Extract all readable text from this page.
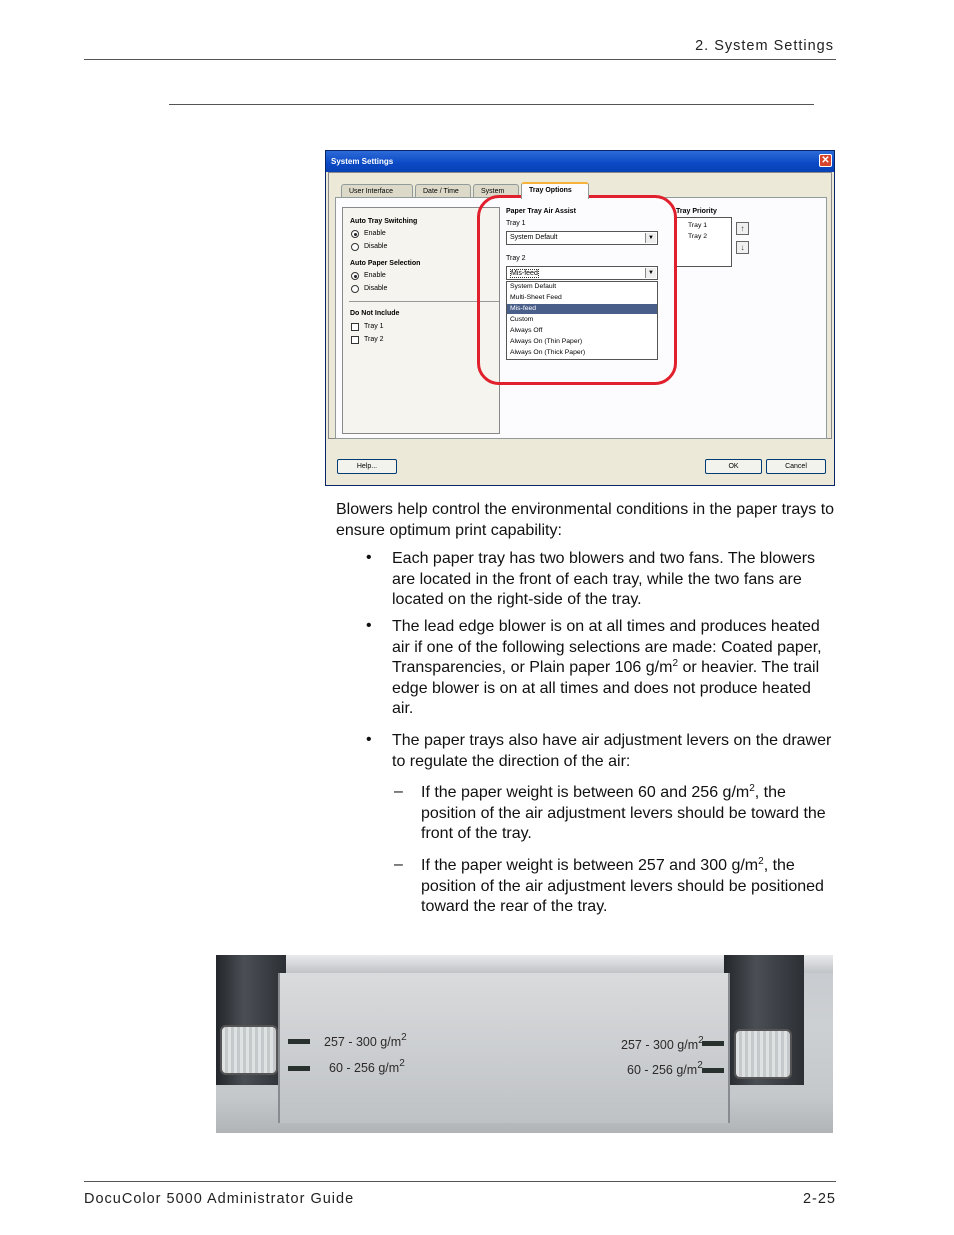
2. System Settings
System Settings	✕
User Interface	Date / Time	System	Tray Options
Auto Tray Switching
Enable
Disable
Auto Paper Selection
Enable
Disable
Do Not Include
Tray 1
Tray 2
Paper Tray Air Assist
Tray 1
System Default	▼
Tray 2
Mis-feed	▼
System Default
Multi-Sheet Feed
Mis-feed
Custom
Always Off
Always On (Thin Paper)
Always On (Thick Paper)
Tray Priority
Tray 1
Tray 2
↑
↓
Help...	OK	Cancel
Blowers help control the environmental conditions in the paper trays to ensure optimum print capability:
• Each paper tray has two blowers and two fans. The blowers are located in the front of each tray, while the two fans are located on the right-side of the tray.
• The lead edge blower is on at all times and produces heated air if one of the following selections are made: Coated paper, Transparencies, or Plain paper 106 $g/m^2$ or heavier. The trail edge blower is on at all times and does not produce heated air.
• The paper trays also have air adjustment levers on the drawer to regulate the direction of the air:
– If the paper weight is between 60 and 256 $g/m^2$, the position of the air adjustment levers should be toward the front of the tray.
– If the paper weight is between 257 and 300 $g/m^2$, the position of the air adjustment levers should be positioned toward the rear of the tray.
257 - 300 $g/m^2$
60 - 256 $g/m^2$
257 - 300 $g/m^2$
60 - 256 $g/m^2$
DocuColor 5000 Administrator Guide	2-25
